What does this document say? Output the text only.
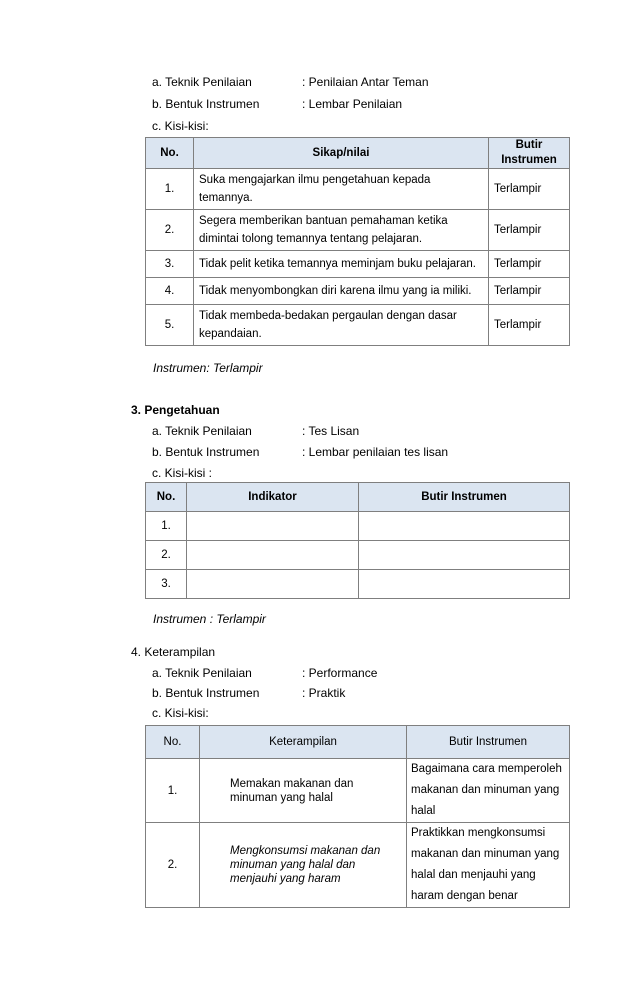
a. Teknik Penilaian	: Penilaian Antar Teman
b. Bentuk Instrumen	: Lembar Penilaian
c. Kisi-kisi:
No.	Sikap/nilai	Butir Instrumen
1.	Suka mengajarkan ilmu pengetahuan kepada temannya.	Terlampir

2.	Segera memberikan bantuan pemahaman ketika dimintai tolong temannya tentang pelajaran.	Terlampir

3.	Tidak pelit ketika temannya meminjam buku pelajaran.	Terlampir

4.	Tidak menyombongkan diri karena ilmu yang ia miliki.	Terlampir

5.	Tidak membeda-bedakan pergaulan dengan dasar kepandaian.	Terlampir
Instrumen: Terlampir
3. Pengetahuan
a. Teknik Penilaian	: Tes Lisan
b. Bentuk Instrumen	: Lembar penilaian tes lisan
c. Kisi-kisi :
No.	Indikator	Butir Instrumen
1.		
2.		
3.		
Instrumen : Terlampir
4. Keterampilan
a. Teknik Penilaian	: Performance
b. Bentuk Instrumen	: Praktik
c. Kisi-kisi:
No.	Keterampilan	Butir Instrumen
1.	Memakan makanan dan minuman yang halal	Bagaimana cara memperoleh makanan dan minuman yang halal

2.	Mengkonsumsi makanan dan minuman yang halal dan menjauhi yang haram	Praktikkan mengkonsumsi makanan dan minuman yang halal dan menjauhi yang haram dengan benar
